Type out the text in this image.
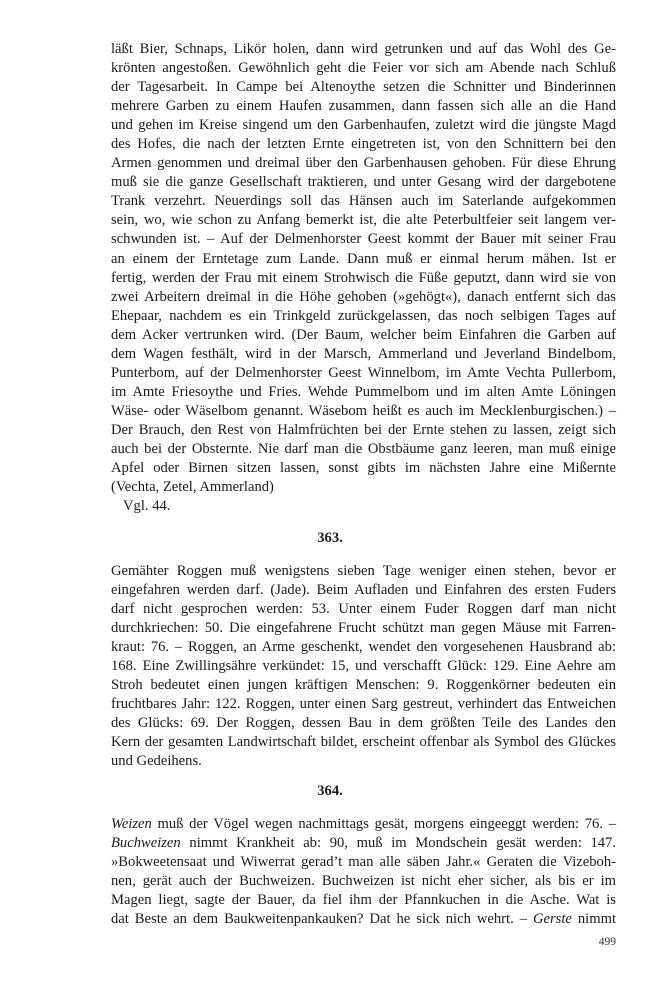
läßt Bier, Schnaps, Likör holen, dann wird getrunken und auf das Wohl des Ge-
krönten angestoßen. Gewöhnlich geht die Feier vor sich am Abende nach Schluß
der Tagesarbeit. In Campe bei Altenoythe setzen die Schnitter und Binderinnen
mehrere Garben zu einem Haufen zusammen, dann fassen sich alle an die Hand
und gehen im Kreise singend um den Garbenhaufen, zuletzt wird die jüngste Magd
des Hofes, die nach der letzten Ernte eingetreten ist, von den Schnittern bei den
Armen genommen und dreimal über den Garbenhausen gehoben. Für diese Ehrung
muß sie die ganze Gesellschaft traktieren, und unter Gesang wird der dargebotene
Trank verzehrt. Neuerdings soll das Hänsen auch im Saterlande aufgekommen
sein, wo, wie schon zu Anfang bemerkt ist, die alte Peterbultfeier seit langem ver-
schwunden ist. – Auf der Delmenhorster Geest kommt der Bauer mit seiner Frau
an einem der Erntetage zum Lande. Dann muß er einmal herum mähen. Ist er
fertig, werden der Frau mit einem Strohwisch die Füße geputzt, dann wird sie von
zwei Arbeitern dreimal in die Höhe gehoben (»gehögt«), danach entfernt sich das
Ehepaar, nachdem es ein Trinkgeld zurückgelassen, das noch selbigen Tages auf
dem Acker vertrunken wird. (Der Baum, welcher beim Einfahren die Garben auf
dem Wagen festhält, wird in der Marsch, Ammerland und Jeverland Bindelbom,
Punterbom, auf der Delmenhorster Geest Winnelbom, im Amte Vechta Pullerbom,
im Amte Friesoythe und Fries. Wehde Pummelbom und im alten Amte Löningen
Wäse- oder Wäselbom genannt. Wäsebom heißt es auch im Mecklenburgischen.) –
Der Brauch, den Rest von Halmfrüchten bei der Ernte stehen zu lassen, zeigt sich
auch bei der Obsternte. Nie darf man die Obstbäume ganz leeren, man muß einige
Apfel oder Birnen sitzen lassen, sonst gibts im nächsten Jahre eine Mißernte
(Vechta, Zetel, Ammerland)
Vgl. 44.
363.
Gemähter Roggen muß wenigstens sieben Tage weniger einen stehen, bevor er
eingefahren werden darf. (Jade). Beim Aufladen und Einfahren des ersten Fuders
darf nicht gesprochen werden: 53. Unter einem Fuder Roggen darf man nicht
durchkriechen: 50. Die eingefahrene Frucht schützt man gegen Mäuse mit Farren-
kraut: 76. – Roggen, an Arme geschenkt, wendet den vorgesehenen Hausbrand ab:
168. Eine Zwillingsähre verkündet: 15, und verschafft Glück: 129. Eine Aehre am
Stroh bedeutet einen jungen kräftigen Menschen: 9. Roggenkörner bedeuten ein
fruchtbares Jahr: 122. Roggen, unter einen Sarg gestreut, verhindert das Entweichen
des Glücks: 69. Der Roggen, dessen Bau in dem größten Teile des Landes den
Kern der gesamten Landwirtschaft bildet, erscheint offenbar als Symbol des Glückes
und Gedeihens.
364.
Weizen muß der Vögel wegen nachmittags gesät, morgens eingeeggt werden: 76. –
Buchweizen nimmt Krankheit ab: 90, muß im Mondschein gesät werden: 147.
»Bokweetensaat und Wiwerrat gerad’t man alle säben Jahr.« Geraten die Vizeboh-
nen, gerät auch der Buchweizen. Buchweizen ist nicht eher sicher, als bis er im
Magen liegt, sagte der Bauer, da fiel ihm der Pfannkuchen in die Asche. Wat is
dat Beste an dem Baukweitenpankauken? Dat he sick nich wehrt. – Gerste nimmt
499
